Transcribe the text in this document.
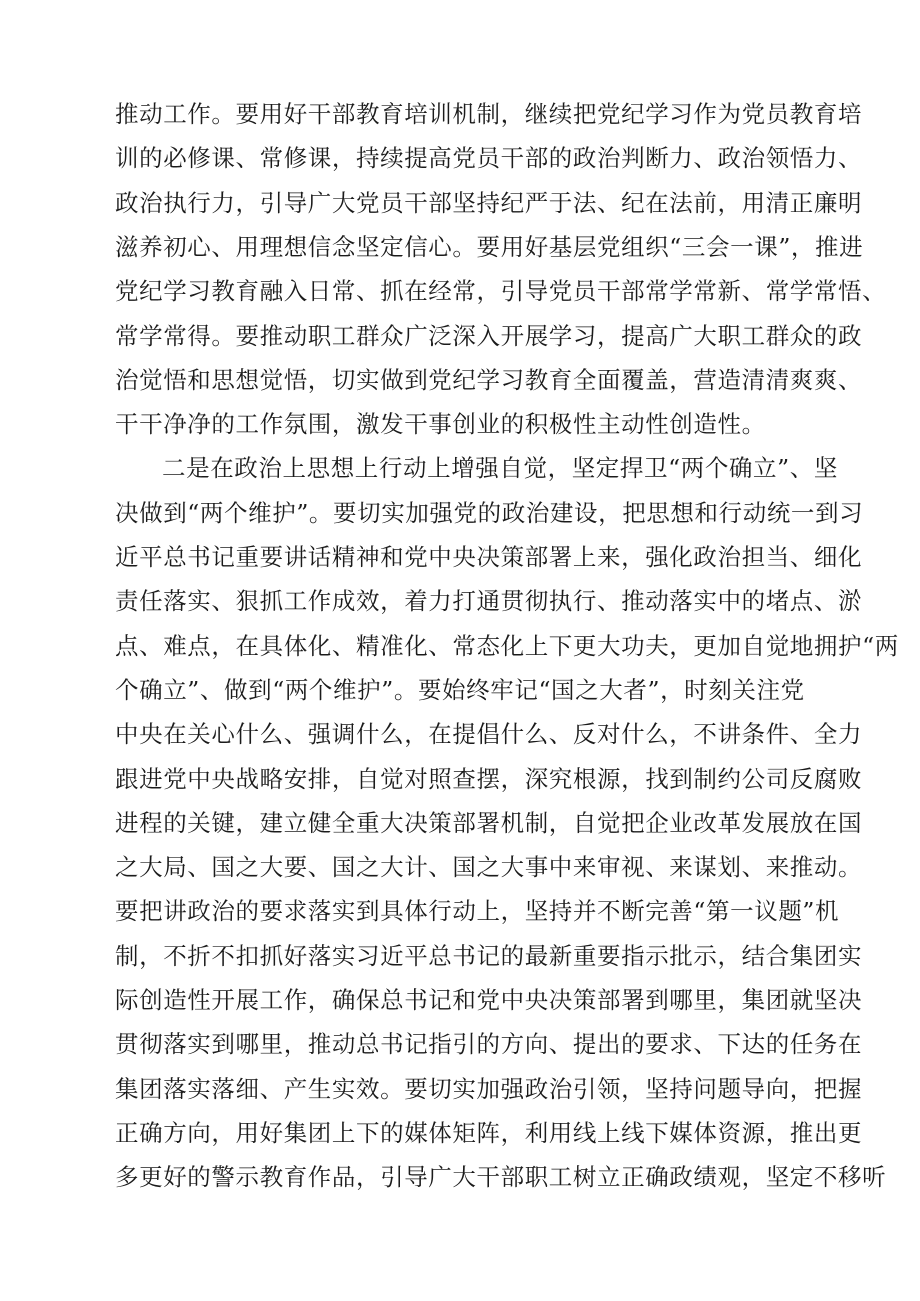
推动工作。要用好干部教育培训机制，继续把党纪学习作为党员教育培
训的必修课、常修课，持续提高党员干部的政治判断力、政治领悟力、
政治执行力，引导广大党员干部坚持纪严于法、纪在法前，用清正廉明
滋养初心、用理想信念坚定信心。要用好基层党组织“三会一课”，推进
党纪学习教育融入日常、抓在经常，引导党员干部常学常新、常学常悟、
常学常得。要推动职工群众广泛深入开展学习，提高广大职工群众的政
治觉悟和思想觉悟，切实做到党纪学习教育全面覆盖，营造清清爽爽、
干干净净的工作氛围，激发干事创业的积极性主动性创造性。
二是在政治上思想上行动上增强自觉，坚定捍卫“两个确立”、坚
决做到“两个维护”。要切实加强党的政治建设，把思想和行动统一到习
近平总书记重要讲话精神和党中央决策部署上来，强化政治担当、细化
责任落实、狠抓工作成效，着力打通贯彻执行、推动落实中的堵点、淤
点、难点，在具体化、精准化、常态化上下更大功夫，更加自觉地拥护“两
个确立”、做到“两个维护”。要始终牢记“国之大者”，时刻关注党
中央在关心什么、强调什么，在提倡什么、反对什么，不讲条件、全力
跟进党中央战略安排，自觉对照查摆，深究根源，找到制约公司反腐败
进程的关键，建立健全重大决策部署机制，自觉把企业改革发展放在国
之大局、国之大要、国之大计、国之大事中来审视、来谋划、来推动。
要把讲政治的要求落实到具体行动上，坚持并不断完善“第一议题”机
制，不折不扣抓好落实习近平总书记的最新重要指示批示，结合集团实
际创造性开展工作，确保总书记和党中央决策部署到哪里，集团就坚决
贯彻落实到哪里，推动总书记指引的方向、提出的要求、下达的任务在
集团落实落细、产生实效。要切实加强政治引领，坚持问题导向，把握
正确方向，用好集团上下的媒体矩阵，利用线上线下媒体资源，推出更
多更好的警示教育作品，引导广大干部职工树立正确政绩观，坚定不移听
